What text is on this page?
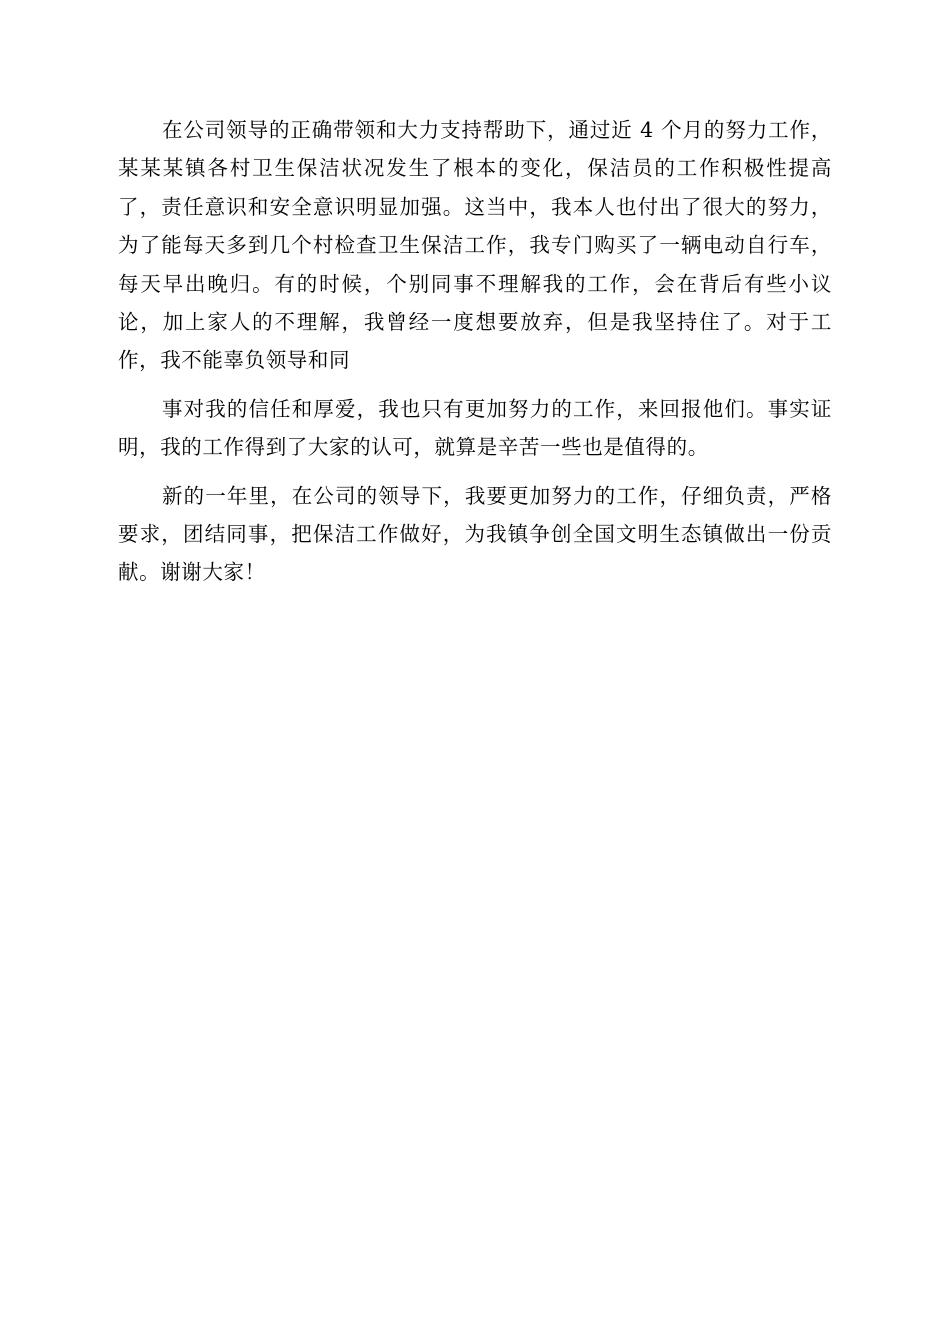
在公司领导的正确带领和大力支持帮助下，通过近 4 个月的努力工作，某某某镇各村卫生保洁状况发生了根本的变化，保洁员的工作积极性提高了，责任意识和安全意识明显加强。这当中，我本人也付出了很大的努力，为了能每天多到几个村检查卫生保洁工作，我专门购买了一辆电动自行车，每天早出晚归。有的时候，个别同事不理解我的工作，会在背后有些小议论，加上家人的不理解，我曾经一度想要放弃，但是我坚持住了。对于工作，我不能辜负领导和同

事对我的信任和厚爱，我也只有更加努力的工作，来回报他们。事实证明，我的工作得到了大家的认可，就算是辛苦一些也是值得的。

新的一年里，在公司的领导下，我要更加努力的工作，仔细负责，严格要求，团结同事，把保洁工作做好，为我镇争创全国文明生态镇做出一份贡献。谢谢大家！
